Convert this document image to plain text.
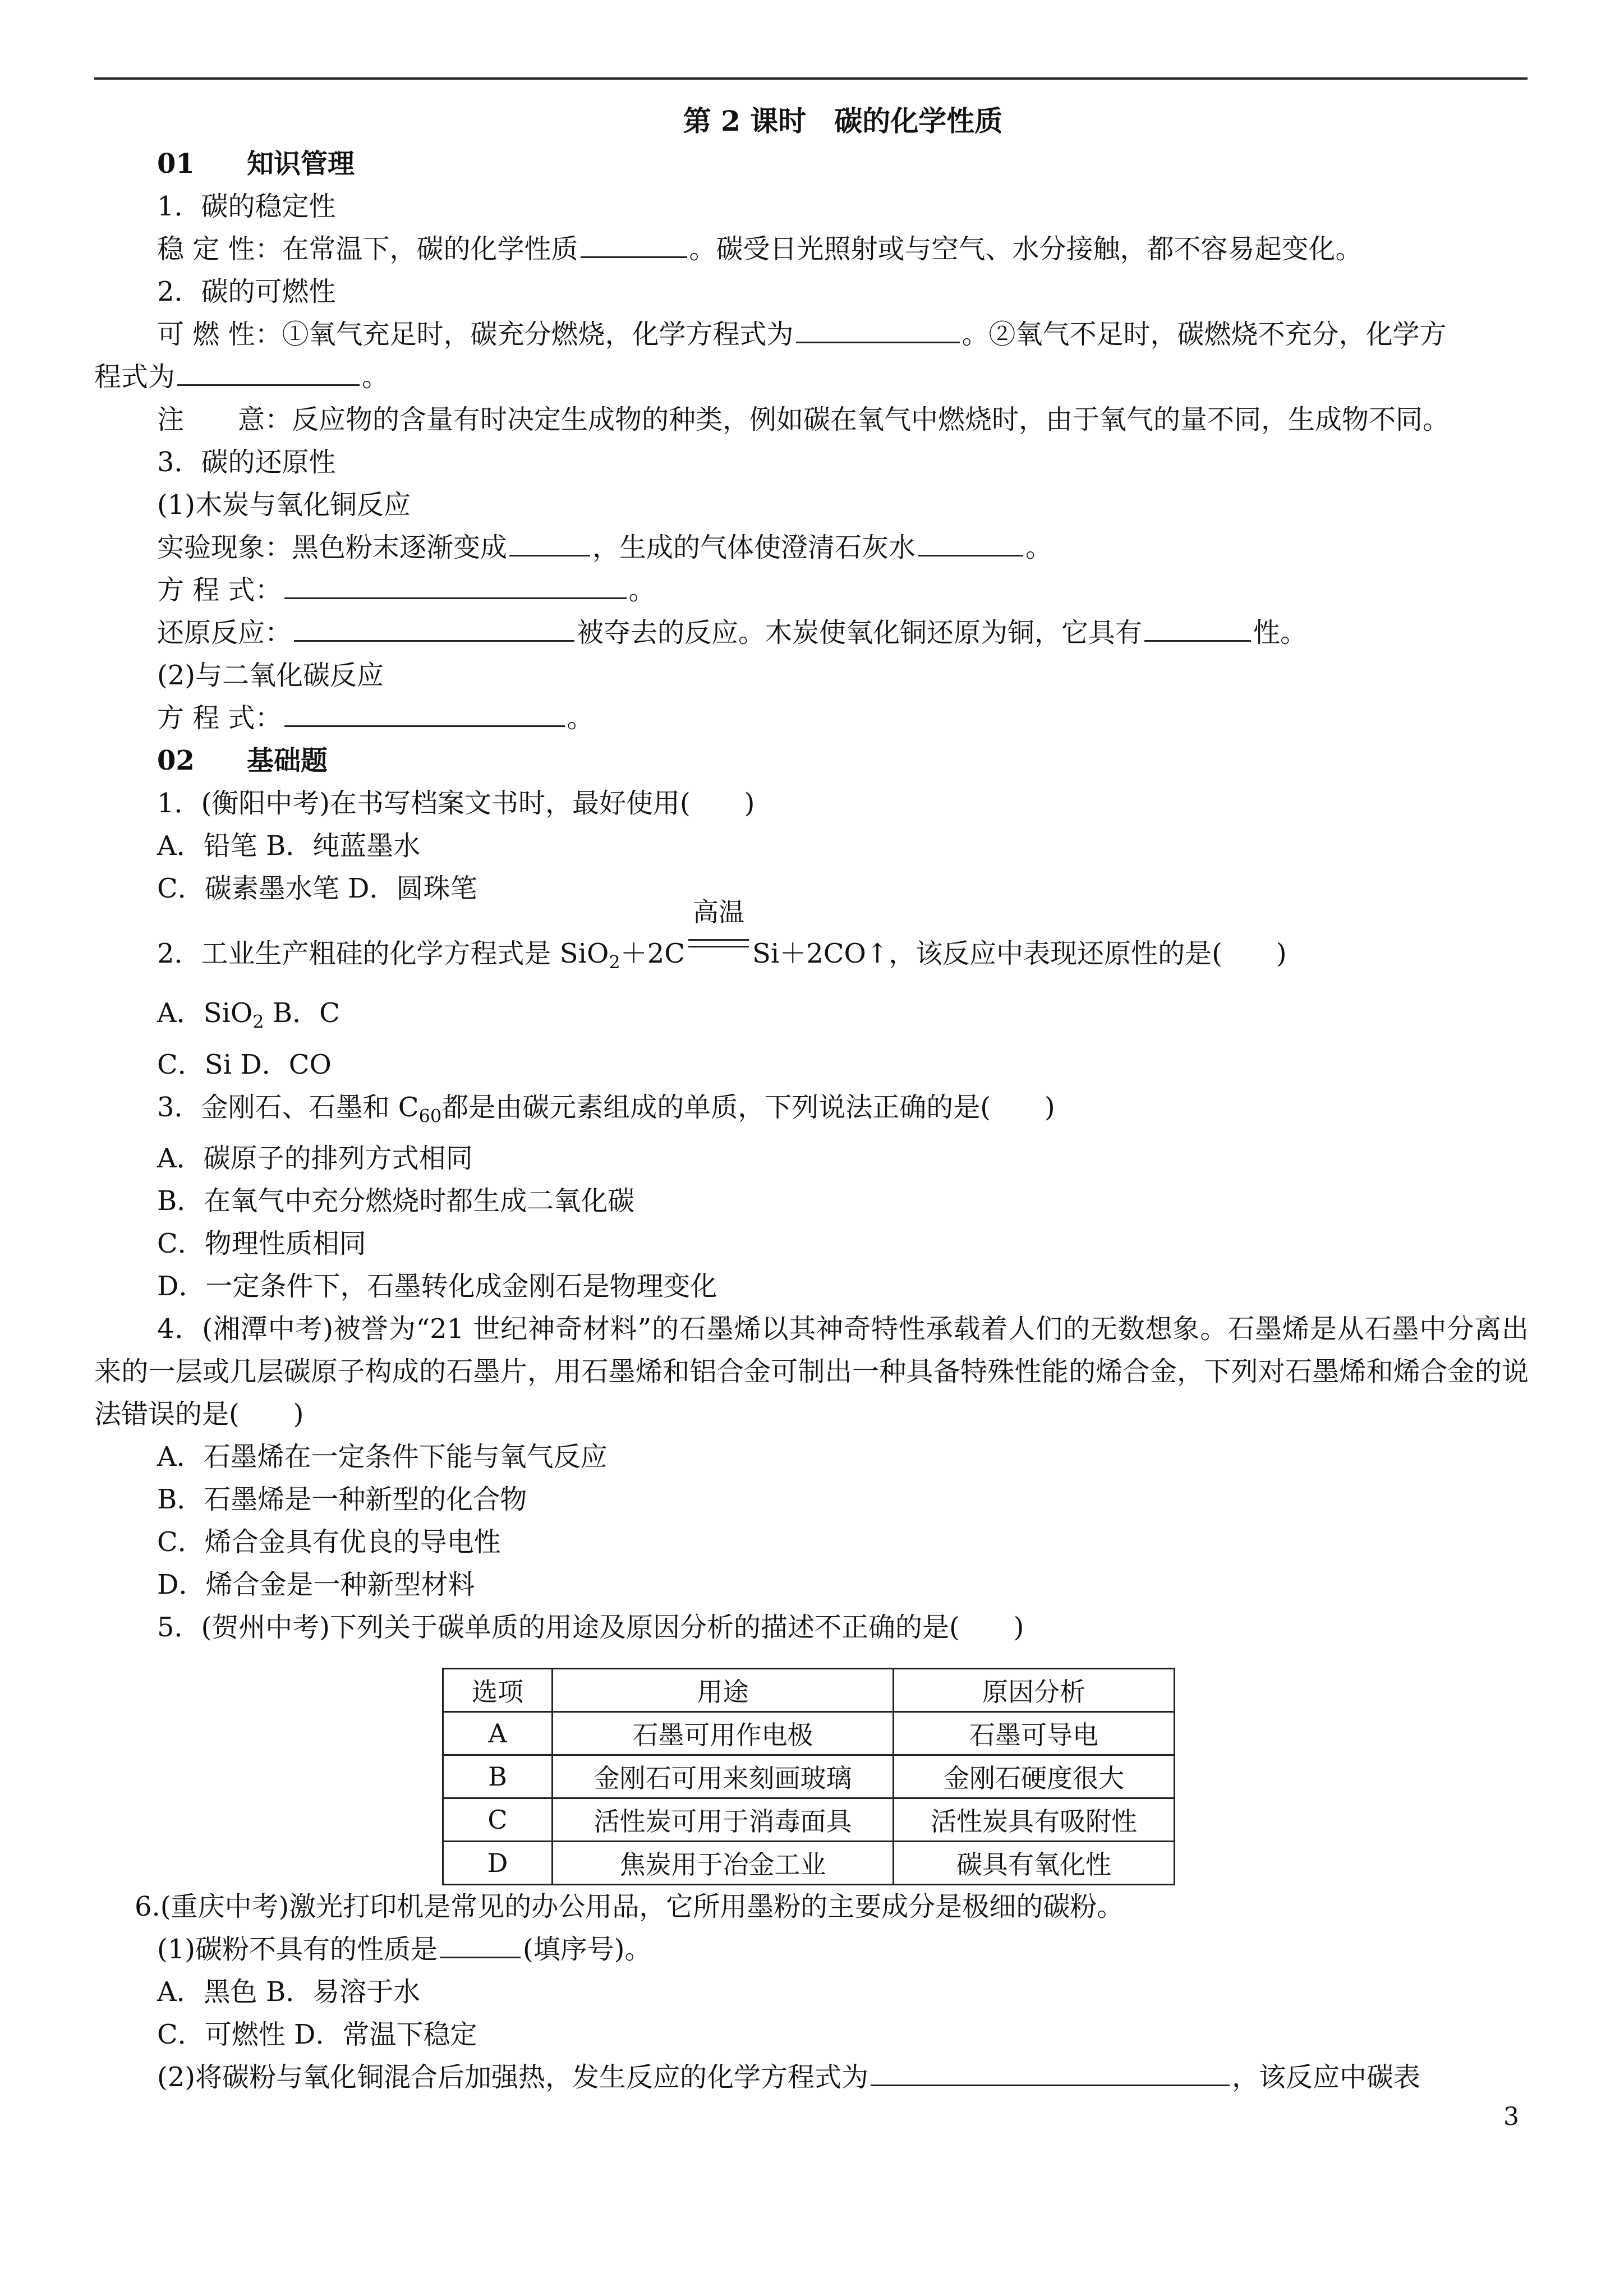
第 2 课时　碳的化学性质
01 知识管理
1．碳的稳定性
稳 定 性：在常温下，碳的化学性质	。碳受日光照射或与空气、水分接触，都不容易起变化。
2．碳的可燃性
可 燃 性：①氧气充足时，碳充分燃烧，化学方程式为	。②氧气不足时，碳燃烧不充分，化学方
程式为	。
注　　意：反应物的含量有时决定生成物的种类，例如碳在氧气中燃烧时，由于氧气的量不同，生成物不同。
3．碳的还原性
(1)木炭与氧化铜反应
实验现象：黑色粉末逐渐变成	，生成的气体使澄清石灰水	。
方 程 式：	。
还原反应：	被夺去的反应。木炭使氧化铜还原为铜，它具有	性。
(2)与二氧化碳反应
方 程 式：	。
02 基础题
1．(衡阳中考)在书写档案文书时，最好使用(　　)
A．铅笔 B．纯蓝墨水
C．碳素墨水笔 D．圆珠笔
2．工业生产粗硅的化学方程式是 SiO$_2$＋2C
高温
Si＋2CO↑，该反应中表现还原性的是(　　)
A．SiO$_2$ B．C
C．Si D．CO
3．金刚石、石墨和 $C_{60}$都是由碳元素组成的单质，下列说法正确的是(　　)
A．碳原子的排列方式相同
B．在氧气中充分燃烧时都生成二氧化碳
C．物理性质相同
D．一定条件下，石墨转化成金刚石是物理变化
4．(湘潭中考)被誉为“21 世纪神奇材料”的石墨烯以其神奇特性承载着人们的无数想象。石墨烯是从石墨中分离出来的一层或几层碳原子构成的石墨片，用石墨烯和铝合金可制出一种具备特殊性能的烯合金，下列对石墨烯和烯合金的说法错误的是(　　)
A．石墨烯在一定条件下能与氧气反应
B．石墨烯是一种新型的化合物
C．烯合金具有优良的导电性
D．烯合金是一种新型材料
5．(贺州中考)下列关于碳单质的用途及原因分析的描述不正确的是(　　)
选项	用途	原因分析
A	石墨可用作电极	石墨可导电
B	金刚石可用来刻画玻璃	金刚石硬度很大
C	活性炭可用于消毒面具	活性炭具有吸附性
D	焦炭用于冶金工业	碳具有氧化性
6.(重庆中考)激光打印机是常见的办公用品，它所用墨粉的主要成分是极细的碳粉。
(1)碳粉不具有的性质是	(填序号)。
A．黑色 B．易溶于水
C．可燃性 D．常温下稳定
(2)将碳粉与氧化铜混合后加强热，发生反应的化学方程式为	，该反应中碳表
3
